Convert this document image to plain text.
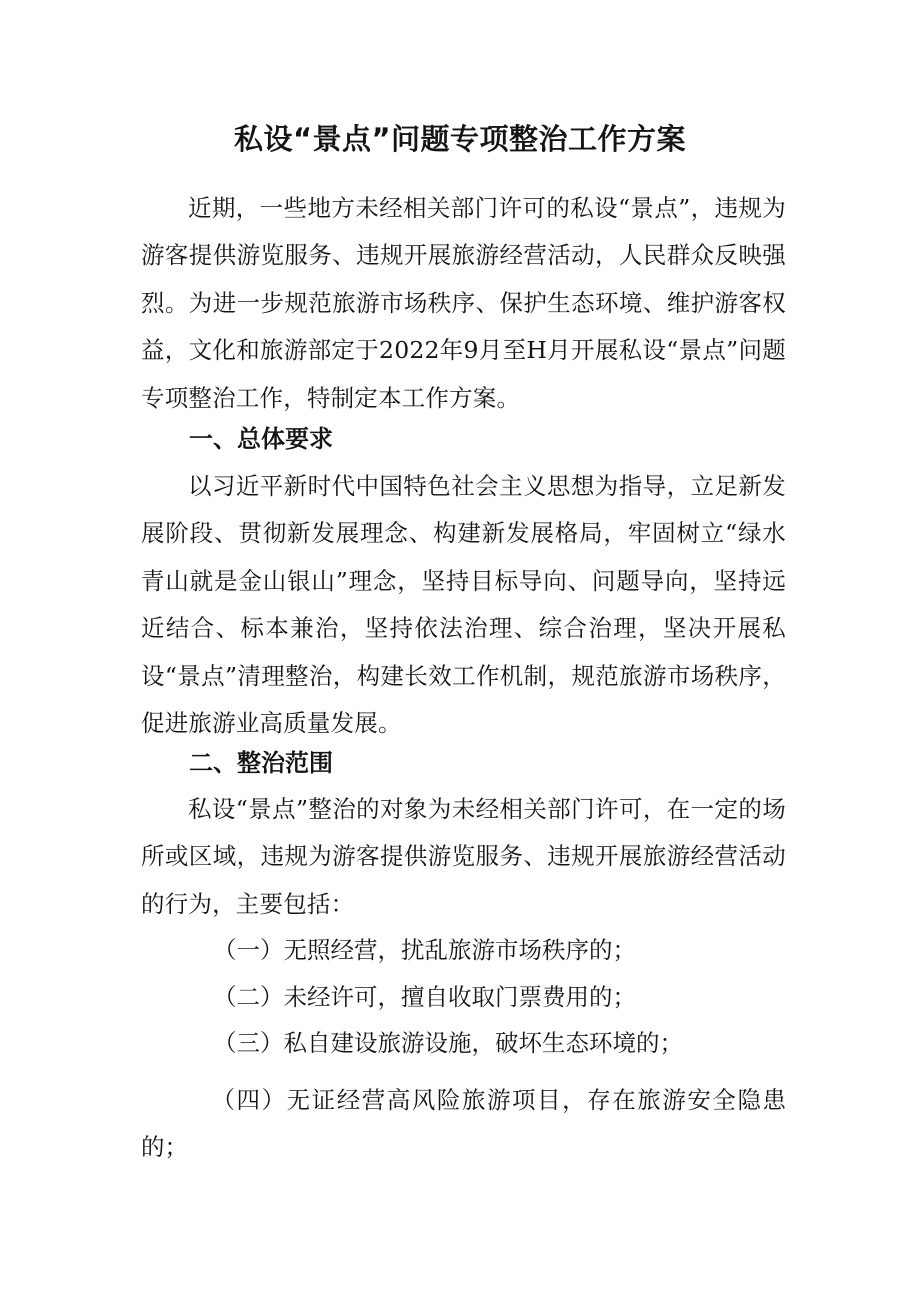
私设“景点”问题专项整治工作方案

近期，一些地方未经相关部门许可的私设“景点”，违规为游客提供游览服务、违规开展旅游经营活动，人民群众反映强烈。为进一步规范旅游市场秩序、保护生态环境、维护游客权益，文化和旅游部定于2022年9月至H月开展私设“景点”问题专项整治工作，特制定本工作方案。

一、总体要求

以习近平新时代中国特色社会主义思想为指导，立足新发展阶段、贯彻新发展理念、构建新发展格局，牢固树立“绿水青山就是金山银山”理念，坚持目标导向、问题导向，坚持远近结合、标本兼治，坚持依法治理、综合治理，坚决开展私设“景点”清理整治，构建长效工作机制，规范旅游市场秩序，促进旅游业高质量发展。

二、整治范围

私设“景点”整治的对象为未经相关部门许可，在一定的场所或区域，违规为游客提供游览服务、违规开展旅游经营活动的行为，主要包括：

（一）无照经营，扰乱旅游市场秩序的；

（二）未经许可，擅自收取门票费用的；

（三）私自建设旅游设施，破坏生态环境的；

（四）无证经营高风险旅游项目，存在旅游安全隐患的；
